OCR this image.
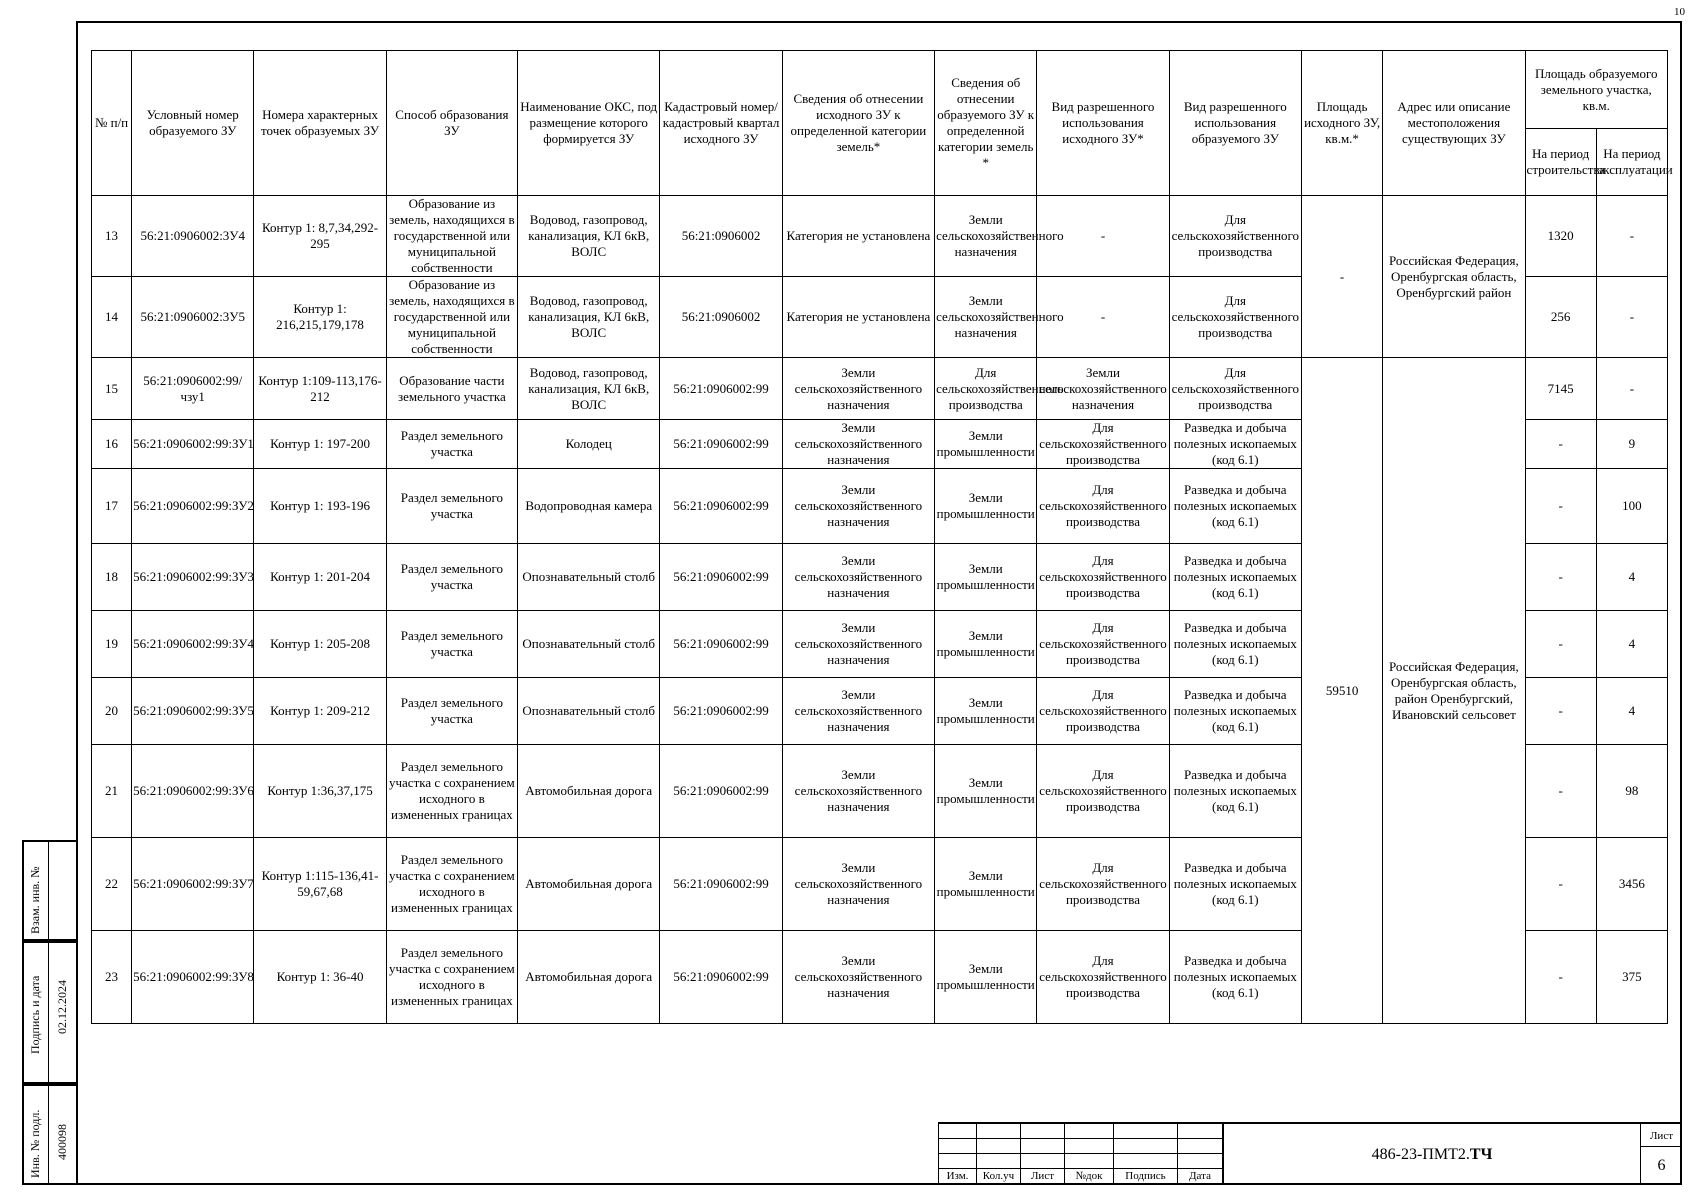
10
№ п/п	Условный номер образуемого ЗУ	Номера характерных точек образуемых ЗУ	Способ образования ЗУ	Наименование ОКС, под размещение которого формируется ЗУ	Кадастровый номер/ кадастровый квартал исходного ЗУ	Сведения об отнесении исходного ЗУ к определенной категории земель*	Сведения об отнесении образуемого ЗУ к определенной категории земель *	Вид разрешенного использования исходного ЗУ*	Вид разрешенного использования образуемого ЗУ	Площадь исходного ЗУ, кв.м.*	Адрес или описание местоположения существующих ЗУ	Площадь образуемого земельного участка, кв.м.	
												На период строительства	На период эксплуатации
13	56:21:0906002:3У4	Контур 1: 8,7,34,292-295	Образование из земель, находящихся в государственной или муниципальной собственности	Водовод, газопровод, канализация, КЛ 6кВ, ВОЛС	56:21:0906002	Категория не установлена	Земли сельскохозяйственного назначения	-	Для сельскохозяйственного производства	-	Российская Федерация, Оренбургская область, Оренбургский район	1320	-
14	56:21:0906002:3У5	Контур 1: 216,215,179,178	Образование из земель, находящихся в государственной или муниципальной собственности	Водовод, газопровод, канализация, КЛ 6кВ, ВОЛС	56:21:0906002	Категория не установлена	Земли сельскохозяйственного назначения	-	Для сельскохозяйственного производства			256	-
15	56:21:0906002:99/чзу1	Контур 1:109-113,176-212	Образование части земельного участка	Водовод, газопровод, канализация, КЛ 6кВ, ВОЛС	56:21:0906002:99	Земли сельскохозяйственного назначения	Для сельскохозяйственного производства	Земли сельскохозяйственного назначения	Для сельскохозяйственного производства	59510	Российская Федерация, Оренбургская область, район Оренбургский, Ивановский сельсовет	7145	-
16	56:21:0906002:99:ЗУ1	Контур 1: 197-200	Раздел земельного участка	Колодец	56:21:0906002:99	Земли сельскохозяйственного назначения	Земли промышленности	Для сельскохозяйственного производства	Разведка и добыча полезных ископаемых (код 6.1)			-	9
17	56:21:0906002:99:ЗУ2	Контур 1: 193-196	Раздел земельного участка	Водопроводная камера	56:21:0906002:99	Земли сельскохозяйственного назначения	Земли промышленности	Для сельскохозяйственного производства	Разведка и добыча полезных ископаемых (код 6.1)			-	100
18	56:21:0906002:99:ЗУ3	Контур 1: 201-204	Раздел земельного участка	Опознавательный столб	56:21:0906002:99	Земли сельскохозяйственного назначения	Земли промышленности	Для сельскохозяйственного производства	Разведка и добыча полезных ископаемых (код 6.1)			-	4
19	56:21:0906002:99:ЗУ4	Контур 1: 205-208	Раздел земельного участка	Опознавательный столб	56:21:0906002:99	Земли сельскохозяйственного назначения	Земли промышленности	Для сельскохозяйственного производства	Разведка и добыча полезных ископаемых (код 6.1)			-	4
20	56:21:0906002:99:ЗУ5	Контур 1: 209-212	Раздел земельного участка	Опознавательный столб	56:21:0906002:99	Земли сельскохозяйственного назначения	Земли промышленности	Для сельскохозяйственного производства	Разведка и добыча полезных ископаемых (код 6.1)			-	4
21	56:21:0906002:99:ЗУ6	Контур 1:36,37,175	Раздел земельного участка с сохранением исходного в измененных границах	Автомобильная дорога	56:21:0906002:99	Земли сельскохозяйственного назначения	Земли промышленности	Для сельскохозяйственного производства	Разведка и добыча полезных ископаемых (код 6.1)			-	98
22	56:21:0906002:99:ЗУ7	Контур 1:115-136,41-59,67,68	Раздел земельного участка с сохранением исходного в измененных границах	Автомобильная дорога	56:21:0906002:99	Земли сельскохозяйственного назначения	Земли промышленности	Для сельскохозяйственного производства	Разведка и добыча полезных ископаемых (код 6.1)			-	3456
23	56:21:0906002:99:ЗУ8	Контур 1: 36-40	Раздел земельного участка с сохранением исходного в измененных границах	Автомобильная дорога	56:21:0906002:99	Земли сельскохозяйственного назначения	Земли промышленности	Для сельскохозяйственного производства	Разведка и добыча полезных ископаемых (код 6.1)			-	375
Взам. инв. №
Подпись и дата 02.12.2024
Инв. № подл. 400098

Изм.	Кол.уч	Лист	№док	Подпись	Дата
486-23-ПМТ2. ТЧ
Лист
6
